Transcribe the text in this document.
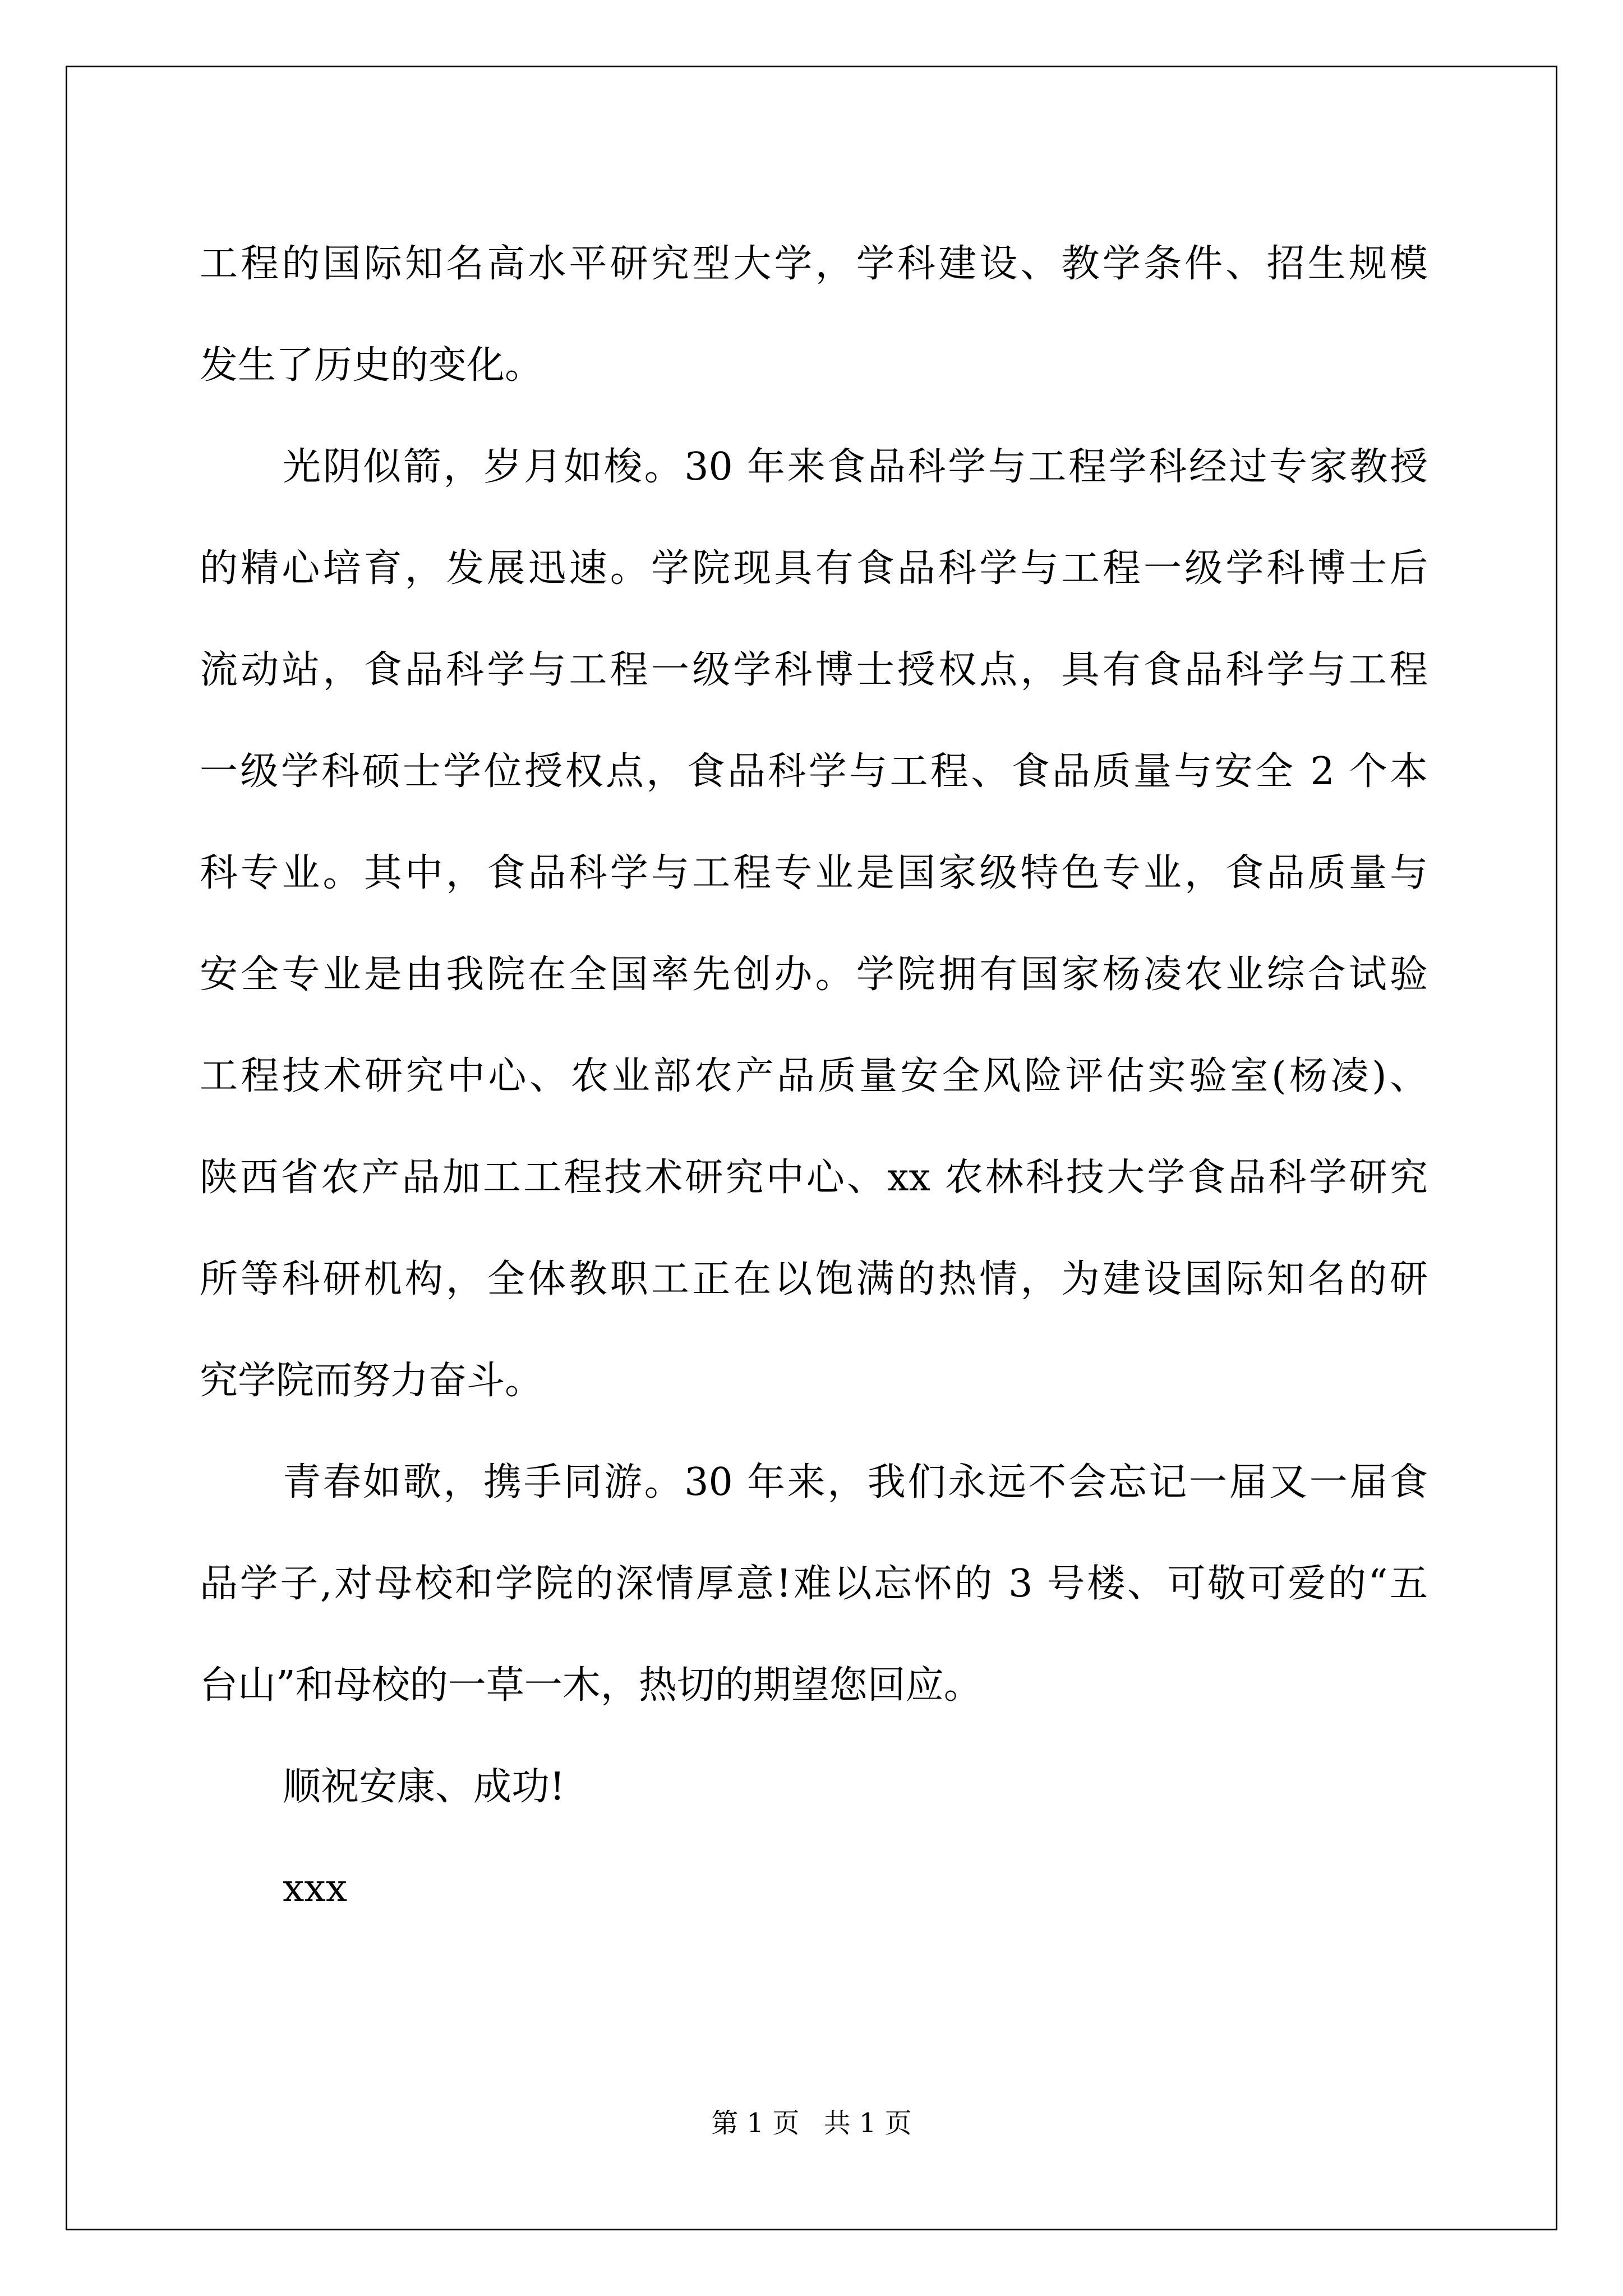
工程的国际知名高水平研究型大学，学科建设、教学条件、招生规模
发生了历史的变化。
光阴似箭，岁月如梭。30 年来食品科学与工程学科经过专家教授
的精心培育，发展迅速。学院现具有食品科学与工程一级学科博士后
流动站，食品科学与工程一级学科博士授权点，具有食品科学与工程
一级学科硕士学位授权点，食品科学与工程、食品质量与安全 2 个本
科专业。其中，食品科学与工程专业是国家级特色专业，食品质量与
安全专业是由我院在全国率先创办。学院拥有国家杨凌农业综合试验
工程技术研究中心、农业部农产品质量安全风险评估实验室(杨凌)、
陕西省农产品加工工程技术研究中心、xx 农林科技大学食品科学研究
所等科研机构，全体教职工正在以饱满的热情，为建设国际知名的研
究学院而努力奋斗。
青春如歌，携手同游。30 年来，我们永远不会忘记一届又一届食
品学子,对母校和学院的深情厚意!难以忘怀的 3 号楼、可敬可爱的“五
台山”和母校的一草一木，热切的期望您回应。
顺祝安康、成功!
xxx
第 1 页 共 1 页
